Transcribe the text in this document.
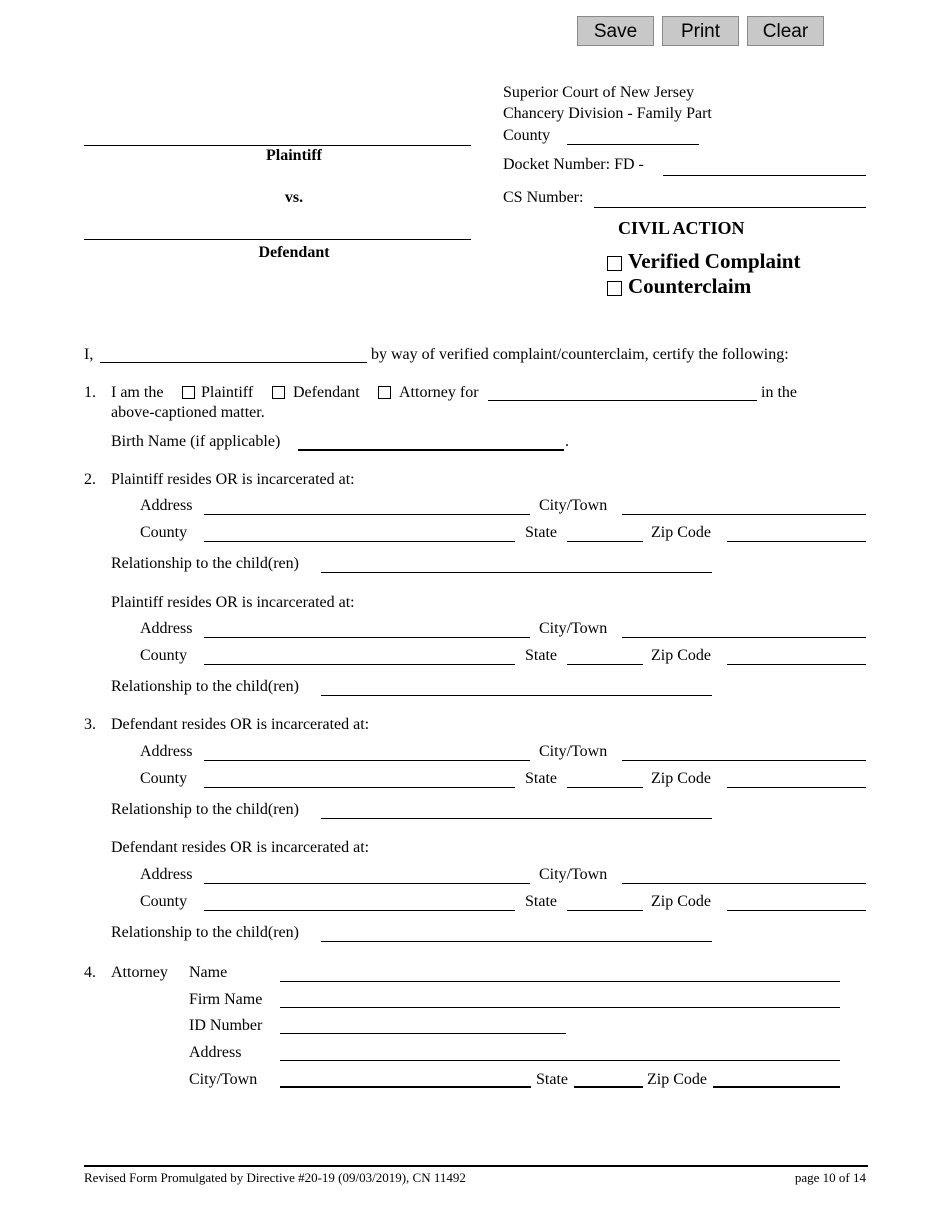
Save	Print	Clear
Plaintiff
vs.
Defendant
Superior Court of New Jersey
Chancery Division - Family Part
County
Docket Number: FD -
CS Number:
CIVIL ACTION
Verified Complaint
Counterclaim
I,	by way of verified complaint/counterclaim, certify the following:
1. I am the Plaintiff Defendant Attorney for	in the
above-captioned matter.
Birth Name (if applicable)	.
2. Plaintiff resides OR is incarcerated at:
Address	City/Town
County	State	Zip Code
Relationship to the child(ren)
Plaintiff resides OR is incarcerated at:
Address	City/Town
County	State	Zip Code
Relationship to the child(ren)
3. Defendant resides OR is incarcerated at:
Address	City/Town
County	State	Zip Code
Relationship to the child(ren)
Defendant resides OR is incarcerated at:
Address	City/Town
County	State	Zip Code
Relationship to the child(ren)
4. Attorney Name
Firm Name
ID Number
Address
City/Town	State	Zip Code
Revised Form Promulgated by Directive #20-19 (09/03/2019), CN 11492	page 10 of 14
